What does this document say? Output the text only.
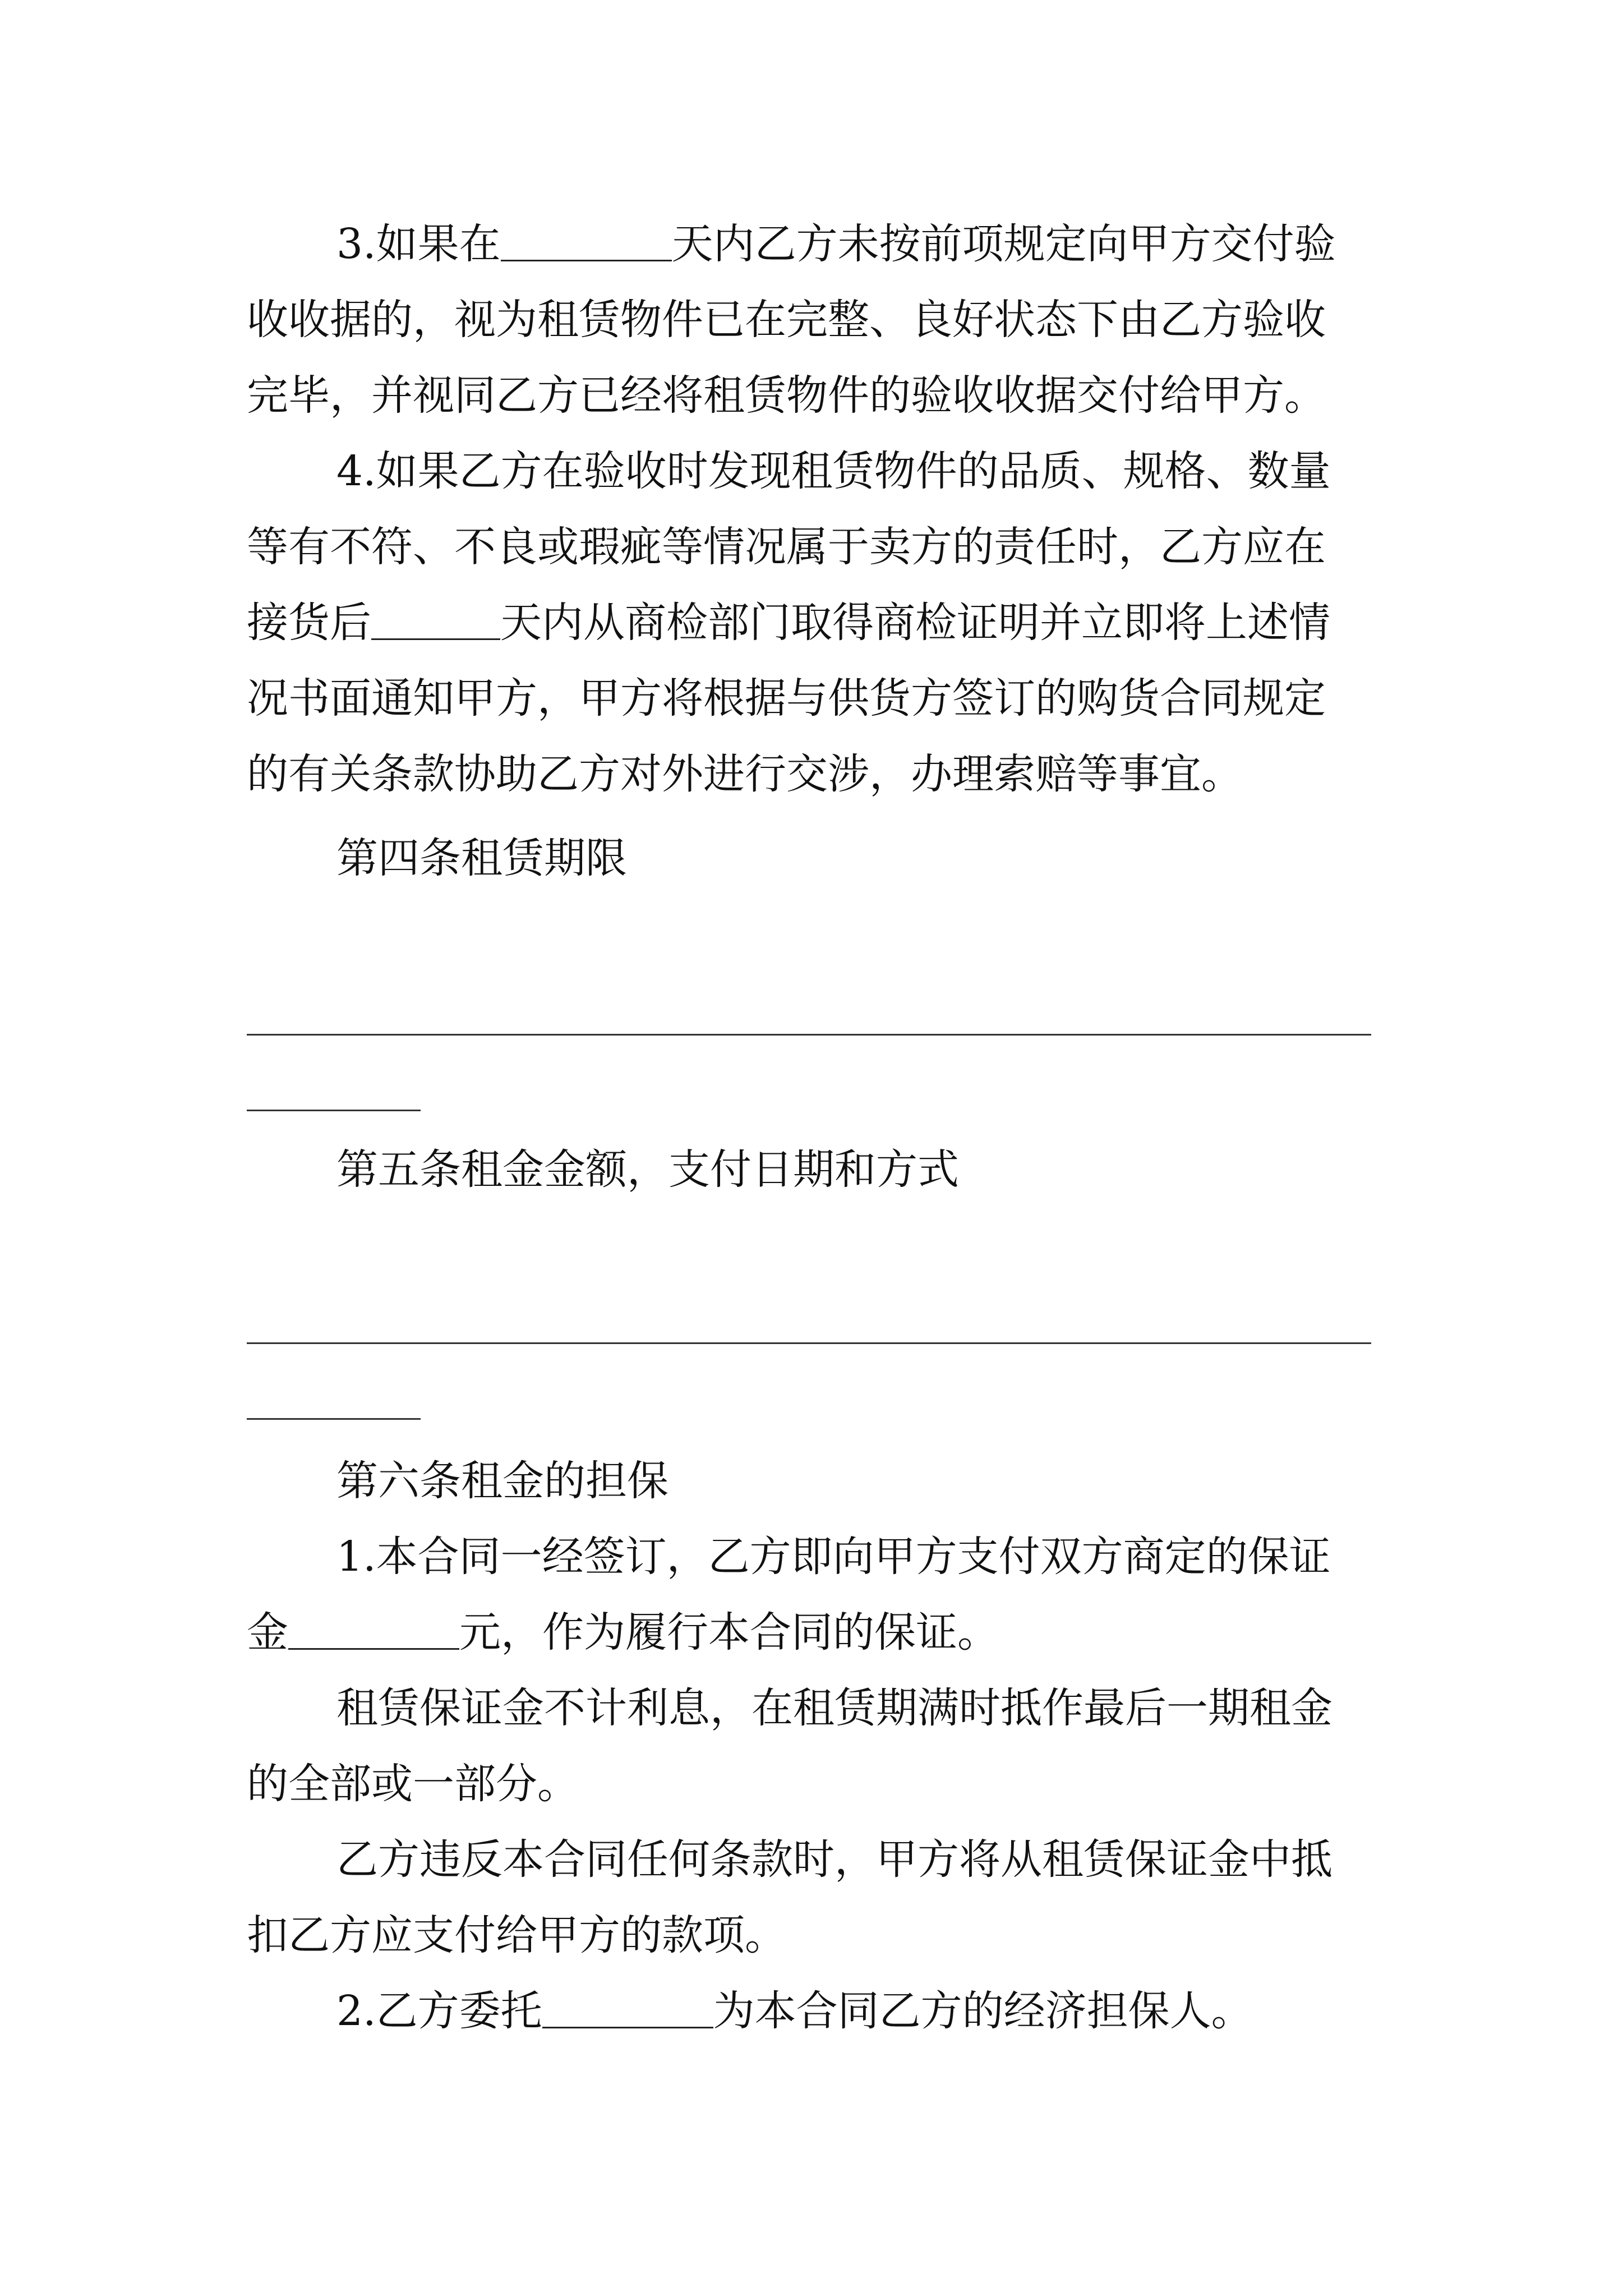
3.如果在	天内乙方未按前项规定向甲方交付验
收收据的，视为租赁物件已在完整、良好状态下由乙方验收
完毕，并视同乙方已经将租赁物件的验收收据交付给甲方。
4.如果乙方在验收时发现租赁物件的品质、规格、数量
等有不符、不良或瑕疵等情况属于卖方的责任时，乙方应在
接货后	天内从商检部门取得商检证明并立即将上述情
况书面通知甲方，甲方将根据与供货方签订的购货合同规定
的有关条款协助乙方对外进行交涉，办理索赔等事宜。
第四条租赁期限
第五条租金金额，支付日期和方式
第六条租金的担保
1.本合同一经签订，乙方即向甲方支付双方商定的保证
金	元，作为履行本合同的保证。
租赁保证金不计利息，在租赁期满时抵作最后一期租金
的全部或一部分。
乙方违反本合同任何条款时，甲方将从租赁保证金中抵
扣乙方应支付给甲方的款项。
2.乙方委托	为本合同乙方的经济担保人。
